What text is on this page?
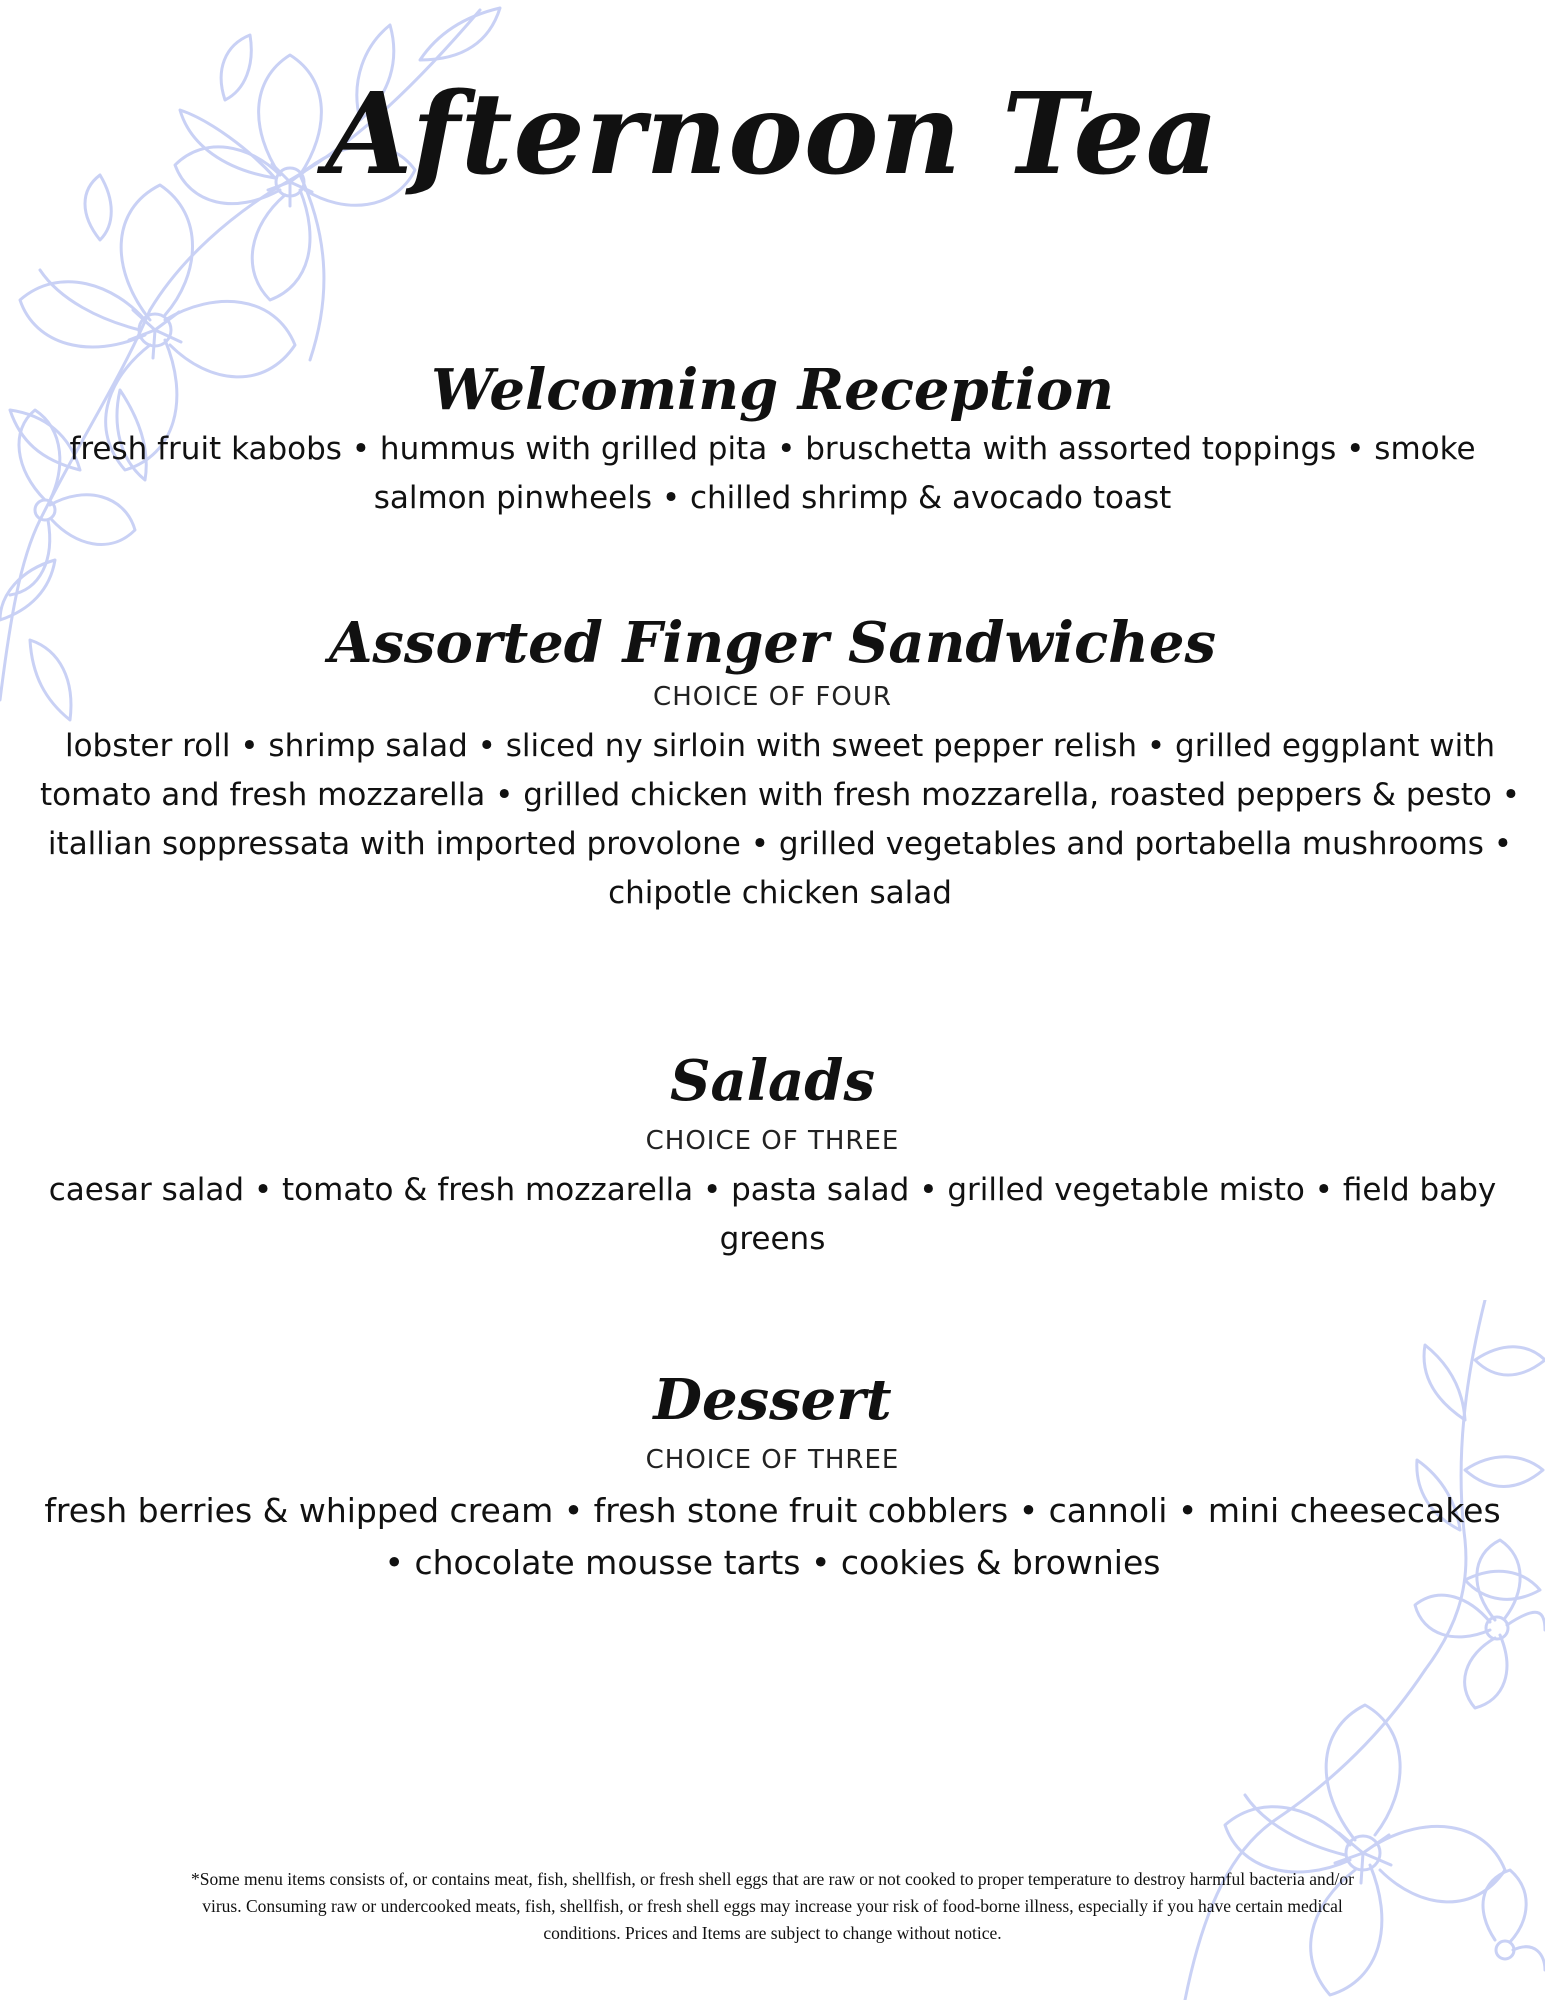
Afternoon Tea
Welcoming Reception

fresh fruit kabobs • hummus with grilled pita • bruschetta with assorted toppings • smoke salmon pinwheels • chilled shrimp & avocado toast

Assorted Finger Sandwiches

CHOICE OF FOUR

lobster roll • shrimp salad • sliced ny sirloin with sweet pepper relish • grilled eggplant with tomato and fresh mozzarella • grilled chicken with fresh mozzarella, roasted peppers & pesto • itallian soppressata with imported provolone • grilled vegetables and portabella mushrooms • chipotle chicken salad

Salads

CHOICE OF THREE

caesar salad • tomato & fresh mozzarella • pasta salad • grilled vegetable misto • field baby greens

Dessert

CHOICE OF THREE

fresh berries & whipped cream • fresh stone fruit cobblers • cannoli • mini cheesecakes • chocolate mousse tarts • cookies & brownies

*Some menu items consists of, or contains meat, fish, shellfish, or fresh shell eggs that are raw or not cooked to proper temperature to destroy harmful bacteria and/or virus. Consuming raw or undercooked meats, fish, shellfish, or fresh shell eggs may increase your risk of food-borne illness, especially if you have certain medical conditions. Prices and Items are subject to change without notice.
